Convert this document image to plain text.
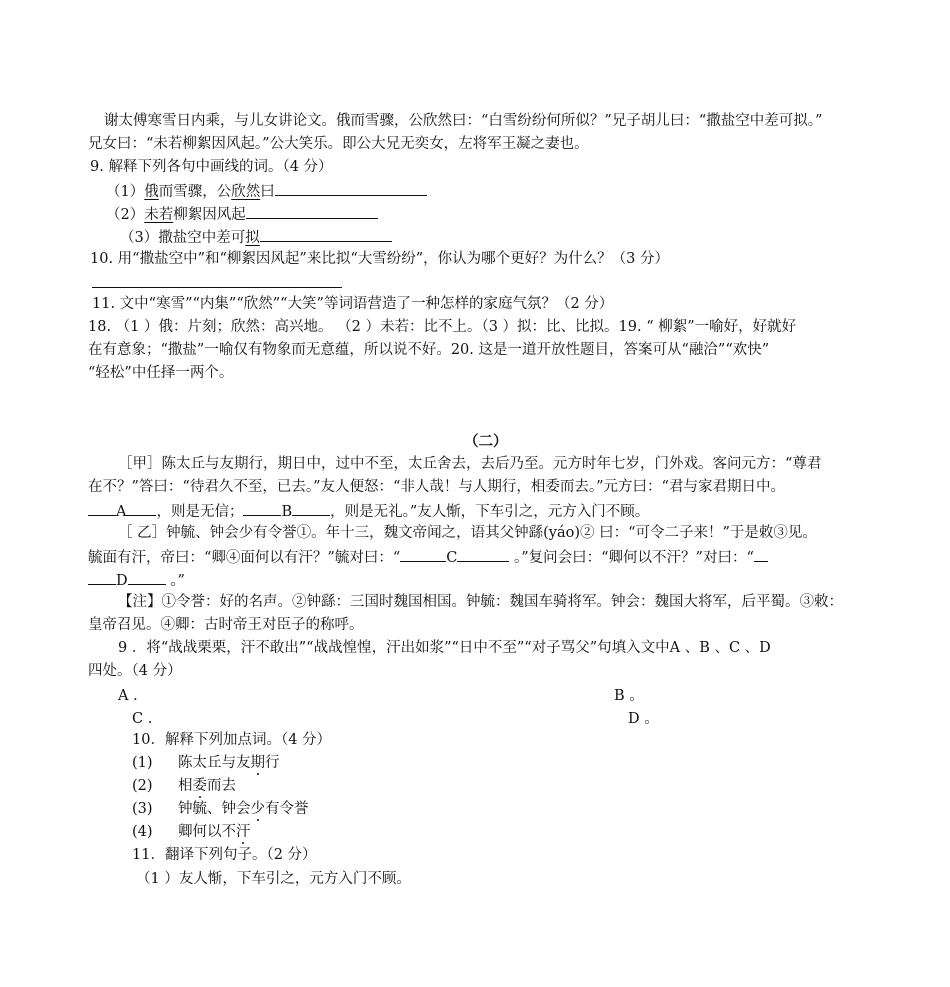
谢太傅寒雪日内乘，与儿女讲论文。俄而雪骤，公欣然曰：“白雪纷纷何所似？”兄子胡儿曰：“撒盐空中差可拟。”
兄女曰：“未若柳絮因风起。”公大笑乐。即公大兄无奕女，左将军王凝之妻也。
9. 解释下列各句中画线的词。（4 分）
（1）俄而雪骤，公欣然曰
（2）未若柳絮因风起
（3）撒盐空中差可拟
10. 用“撒盐空中”和“柳絮因风起”来比拟“大雪纷纷”，你认为哪个更好？为什么？（3 分）
11. 文中“寒雪”“内集”“欣然”“大笑”等词语营造了一种怎样的家庭气氛？（2 分）
18. （1 ）俄：片刻；欣然：高兴地。 （2 ）未若：比不上。（3 ）拟：比、比拟。19. “ 柳絮”一喻好，好就好
在有意象；“撒盐”一喻仅有物象而无意蕴，所以说不好。20. 这是一道开放性题目，答案可从“融洽”“欢快”
“轻松”中任择一两个。
（二）
［甲］陈太丘与友期行，期日中，过中不至，太丘舍去，去后乃至。元方时年七岁，门外戏。客问元方：“尊君
在不？”答曰：“待君久不至，已去。”友人便怒：“非人哉！与人期行，相委而去。”元方曰：“君与家君期日中。
A ，则是无信；	B	，则是无礼。”友人惭，下车引之，元方入门不顾。
［ 乙］钟毓、钟会少有令誉①。年十三，魏文帝闻之，语其父钟繇(yáo)② 曰：“可令二子来！”于是敕③见。
毓面有汗，帝曰：“卿④面何以有汗？”毓对曰：“	C	。”复问会曰：“卿何以不汗？”对曰：“
D	。”
【注】①令誉：好的名声。②钟繇：三国时魏国相国。钟毓：魏国车骑将军。钟会：魏国大将军，后平蜀。③敕：
皇帝召见。④卿：古时帝王对臣子的称呼。
9 ．将“战战栗栗，汗不敢出”“战战惶惶，汗出如浆”“日中不至”“对子骂父”句填入文中A 、B 、C 、D
四处。（4 分）
A .	B 。
C .	D 。
10．解释下列加点词。（4 分）
(1) 陈太丘与友期行
(2) 相委而去
(3) 钟毓、钟会少有令誉
(4) 卿何以不汗
11．翻译下列句子。（2 分）
（1 ）友人惭，下车引之，元方入门不顾。
